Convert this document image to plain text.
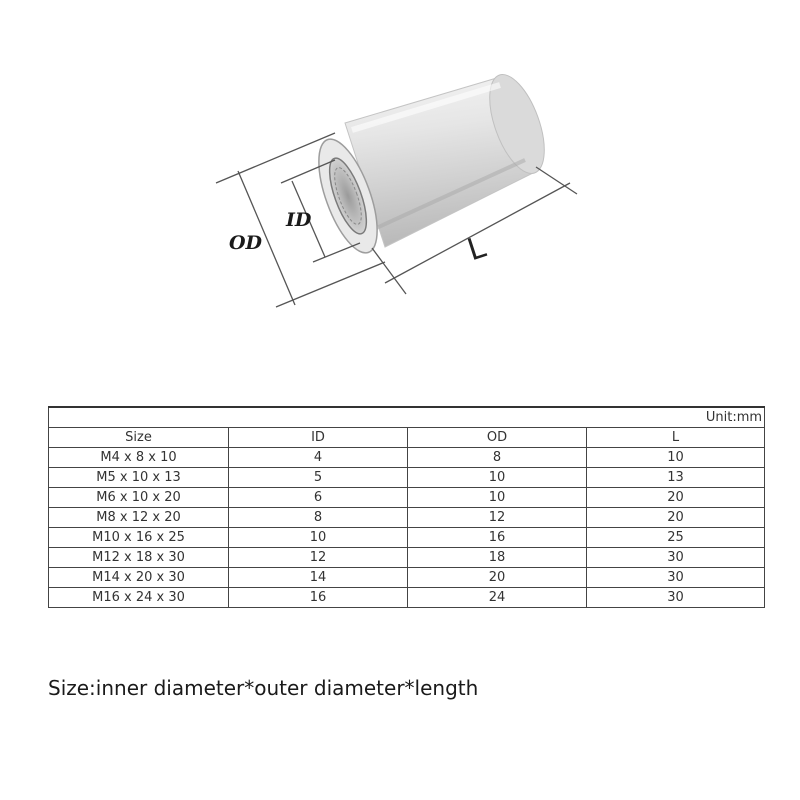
OD
ID
L
Unit:mm			
Size	ID	OD	L
M4 x 8 x 10	4	8	10
M5 x 10 x 13	5	10	13
M6 x 10 x 20	6	10	20
M8 x 12 x 20	8	12	20
M10 x 16 x 25	10	16	25
M12 x 18 x 30	12	18	30
M14 x 20 x 30	14	20	30
M16 x 24 x 30	16	24	30
Size:inner diameter*outer diameter*length
